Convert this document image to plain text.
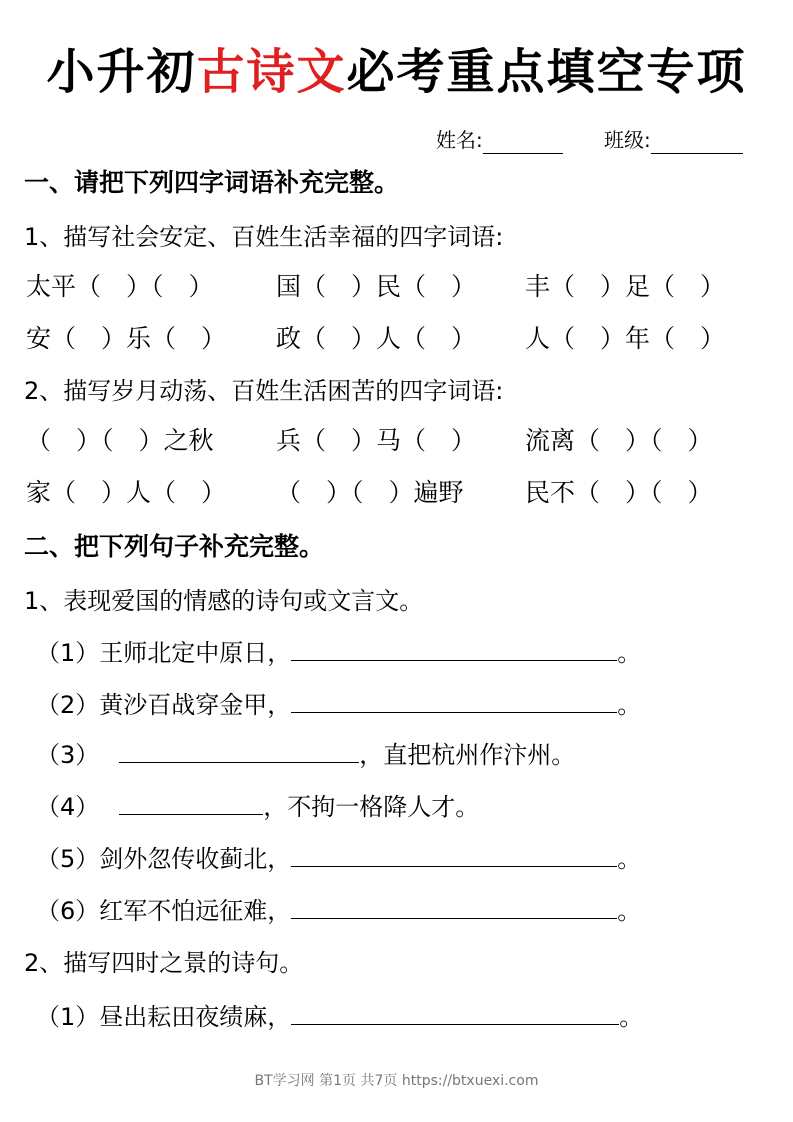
小升初古诗文必考重点填空专项
姓名:	班级:
一、请把下列四字词语补充完整。
1、描写社会安定、百姓生活幸福的四字词语:
太平（　）（　） 国（　）民（　） 丰（　）足（　）
安（　）乐（　） 政（　）人（　） 人（　）年（　）
2、描写岁月动荡、百姓生活困苦的四字词语:
（　）（　）之秋 兵（　）马（　） 流离（　）（　）
家（　）人（　） （　）（　）遍野 民不（　）（　）
二、把下列句子补充完整。
1、表现爱国的情感的诗句或文言文。
（1）王师北定中原日，	。
（2）黄沙百战穿金甲，	。
（3）	，直把杭州作汴州。
（4）	，不拘一格降人才。
（5）剑外忽传收蓟北，	。
（6）红军不怕远征难，	。
2、描写四时之景的诗句。
（1）昼出耘田夜绩麻，	。
BT学习网 第1页 共7页 https://btxuexi.com
